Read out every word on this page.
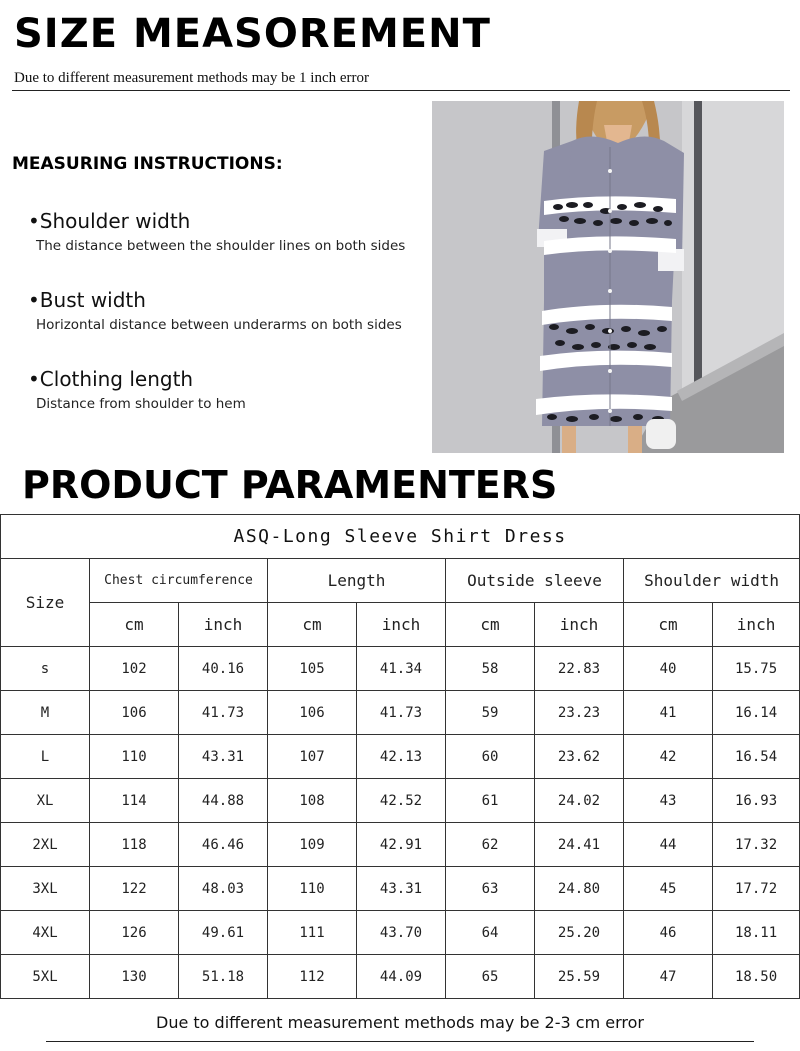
SIZE MEASOREMENT
Due to different measurement methods may be 1 inch error
MEASURING INSTRUCTIONS:
•Shoulder width
The distance between the shoulder lines on both sides
•Bust width
Horizontal distance between underarms on both sides
•Clothing length
Distance from shoulder to hem
PRODUCT PARAMENTERS
ASQ-Long Sleeve Shirt Dress								
Size	Chest circumference		Length		Outside sleeve		Shoulder width	
	cm	inch	cm	inch	cm	inch	cm	inch
s	102	40.16	105	41.34	58	22.83	40	15.75
M	106	41.73	106	41.73	59	23.23	41	16.14
L	110	43.31	107	42.13	60	23.62	42	16.54
XL	114	44.88	108	42.52	61	24.02	43	16.93
2XL	118	46.46	109	42.91	62	24.41	44	17.32
3XL	122	48.03	110	43.31	63	24.80	45	17.72
4XL	126	49.61	111	43.70	64	25.20	46	18.11
5XL	130	51.18	112	44.09	65	25.59	47	18.50
Due to different measurement methods may be 2-3 cm error
